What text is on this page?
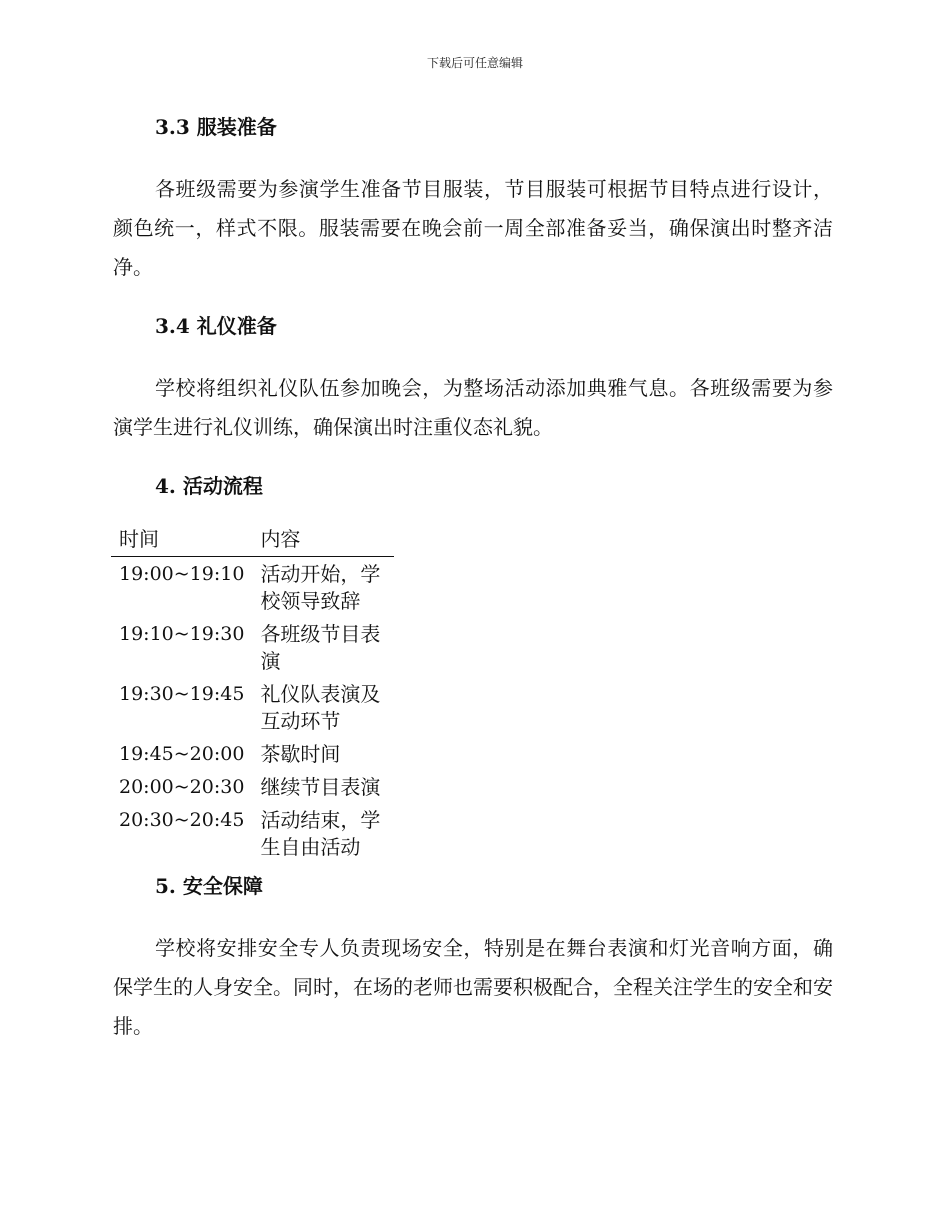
下载后可任意编辑
3.3 服装准备

各班级需要为参演学生准备节目服装，节目服装可根据节目特点进行设计，颜色统一，样式不限。服装需要在晚会前一周全部准备妥当，确保演出时整齐洁净。

3.4 礼仪准备

学校将组织礼仪队伍参加晚会，为整场活动添加典雅气息。各班级需要为参演学生进行礼仪训练，确保演出时注重仪态礼貌。

4. 活动流程
时间	内容
19:00~19:10	活动开始，学校领导致辞
19:10~19:30	各班级节目表演
19:30~19:45	礼仪队表演及互动环节
19:45~20:00	茶歇时间
20:00~20:30	继续节目表演
20:30~20:45	活动结束，学生自由活动
5. 安全保障

学校将安排安全专人负责现场安全，特别是在舞台表演和灯光音响方面，确保学生的人身安全。同时，在场的老师也需要积极配合，全程关注学生的安全和安排。
